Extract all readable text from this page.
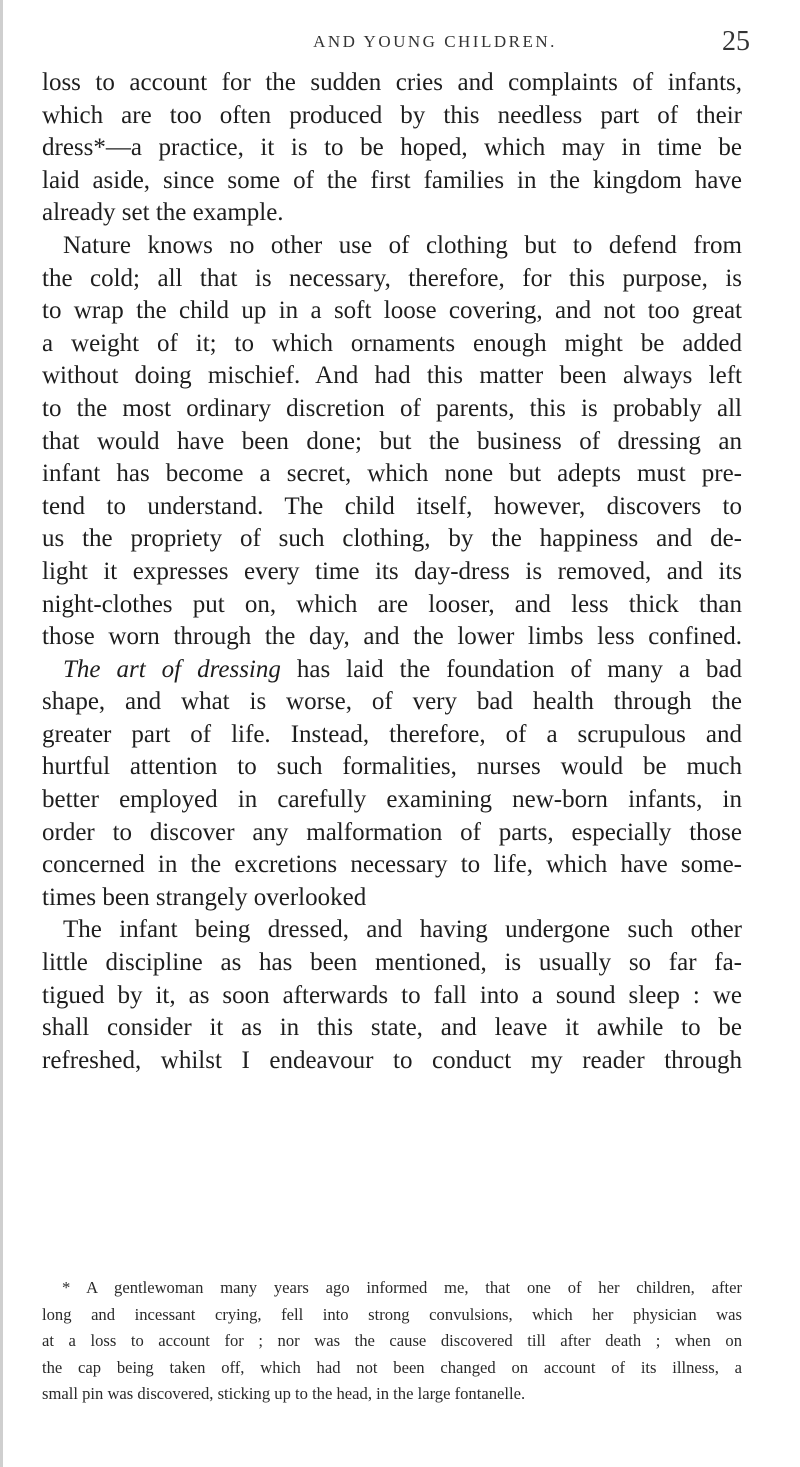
AND YOUNG CHILDREN.	25
loss to account for the sudden cries and complaints of infants,
which are too often produced by this needless part of their
dress*—a practice, it is to be hoped, which may in time be
laid aside, since some of the first families in the kingdom have
already set the example.
Nature knows no other use of clothing but to defend from
the cold; all that is necessary, therefore, for this purpose, is
to wrap the child up in a soft loose covering, and not too great
a weight of it; to which ornaments enough might be added
without doing mischief. And had this matter been always left
to the most ordinary discretion of parents, this is probably all
that would have been done; but the business of dressing an
infant has become a secret, which none but adepts must pre-
tend to understand. The child itself, however, discovers to
us the propriety of such clothing, by the happiness and de-
light it expresses every time its day-dress is removed, and its
night-clothes put on, which are looser, and less thick than
those worn through the day, and the lower limbs less confined.
The art of dressing has laid the foundation of many a bad
shape, and what is worse, of very bad health through the
greater part of life. Instead, therefore, of a scrupulous and
hurtful attention to such formalities, nurses would be much
better employed in carefully examining new-born infants, in
order to discover any malformation of parts, especially those
concerned in the excretions necessary to life, which have some-
times been strangely overlooked
The infant being dressed, and having undergone such other
little discipline as has been mentioned, is usually so far fa-
tigued by it, as soon afterwards to fall into a sound sleep : we
shall consider it as in this state, and leave it awhile to be
refreshed, whilst I endeavour to conduct my reader through
* A gentlewoman many years ago informed me, that one of her children, after
long and incessant crying, fell into strong convulsions, which her physician was
at a loss to account for ; nor was the cause discovered till after death ; when on
the cap being taken off, which had not been changed on account of its illness, a
small pin was discovered, sticking up to the head, in the large fontanelle.
